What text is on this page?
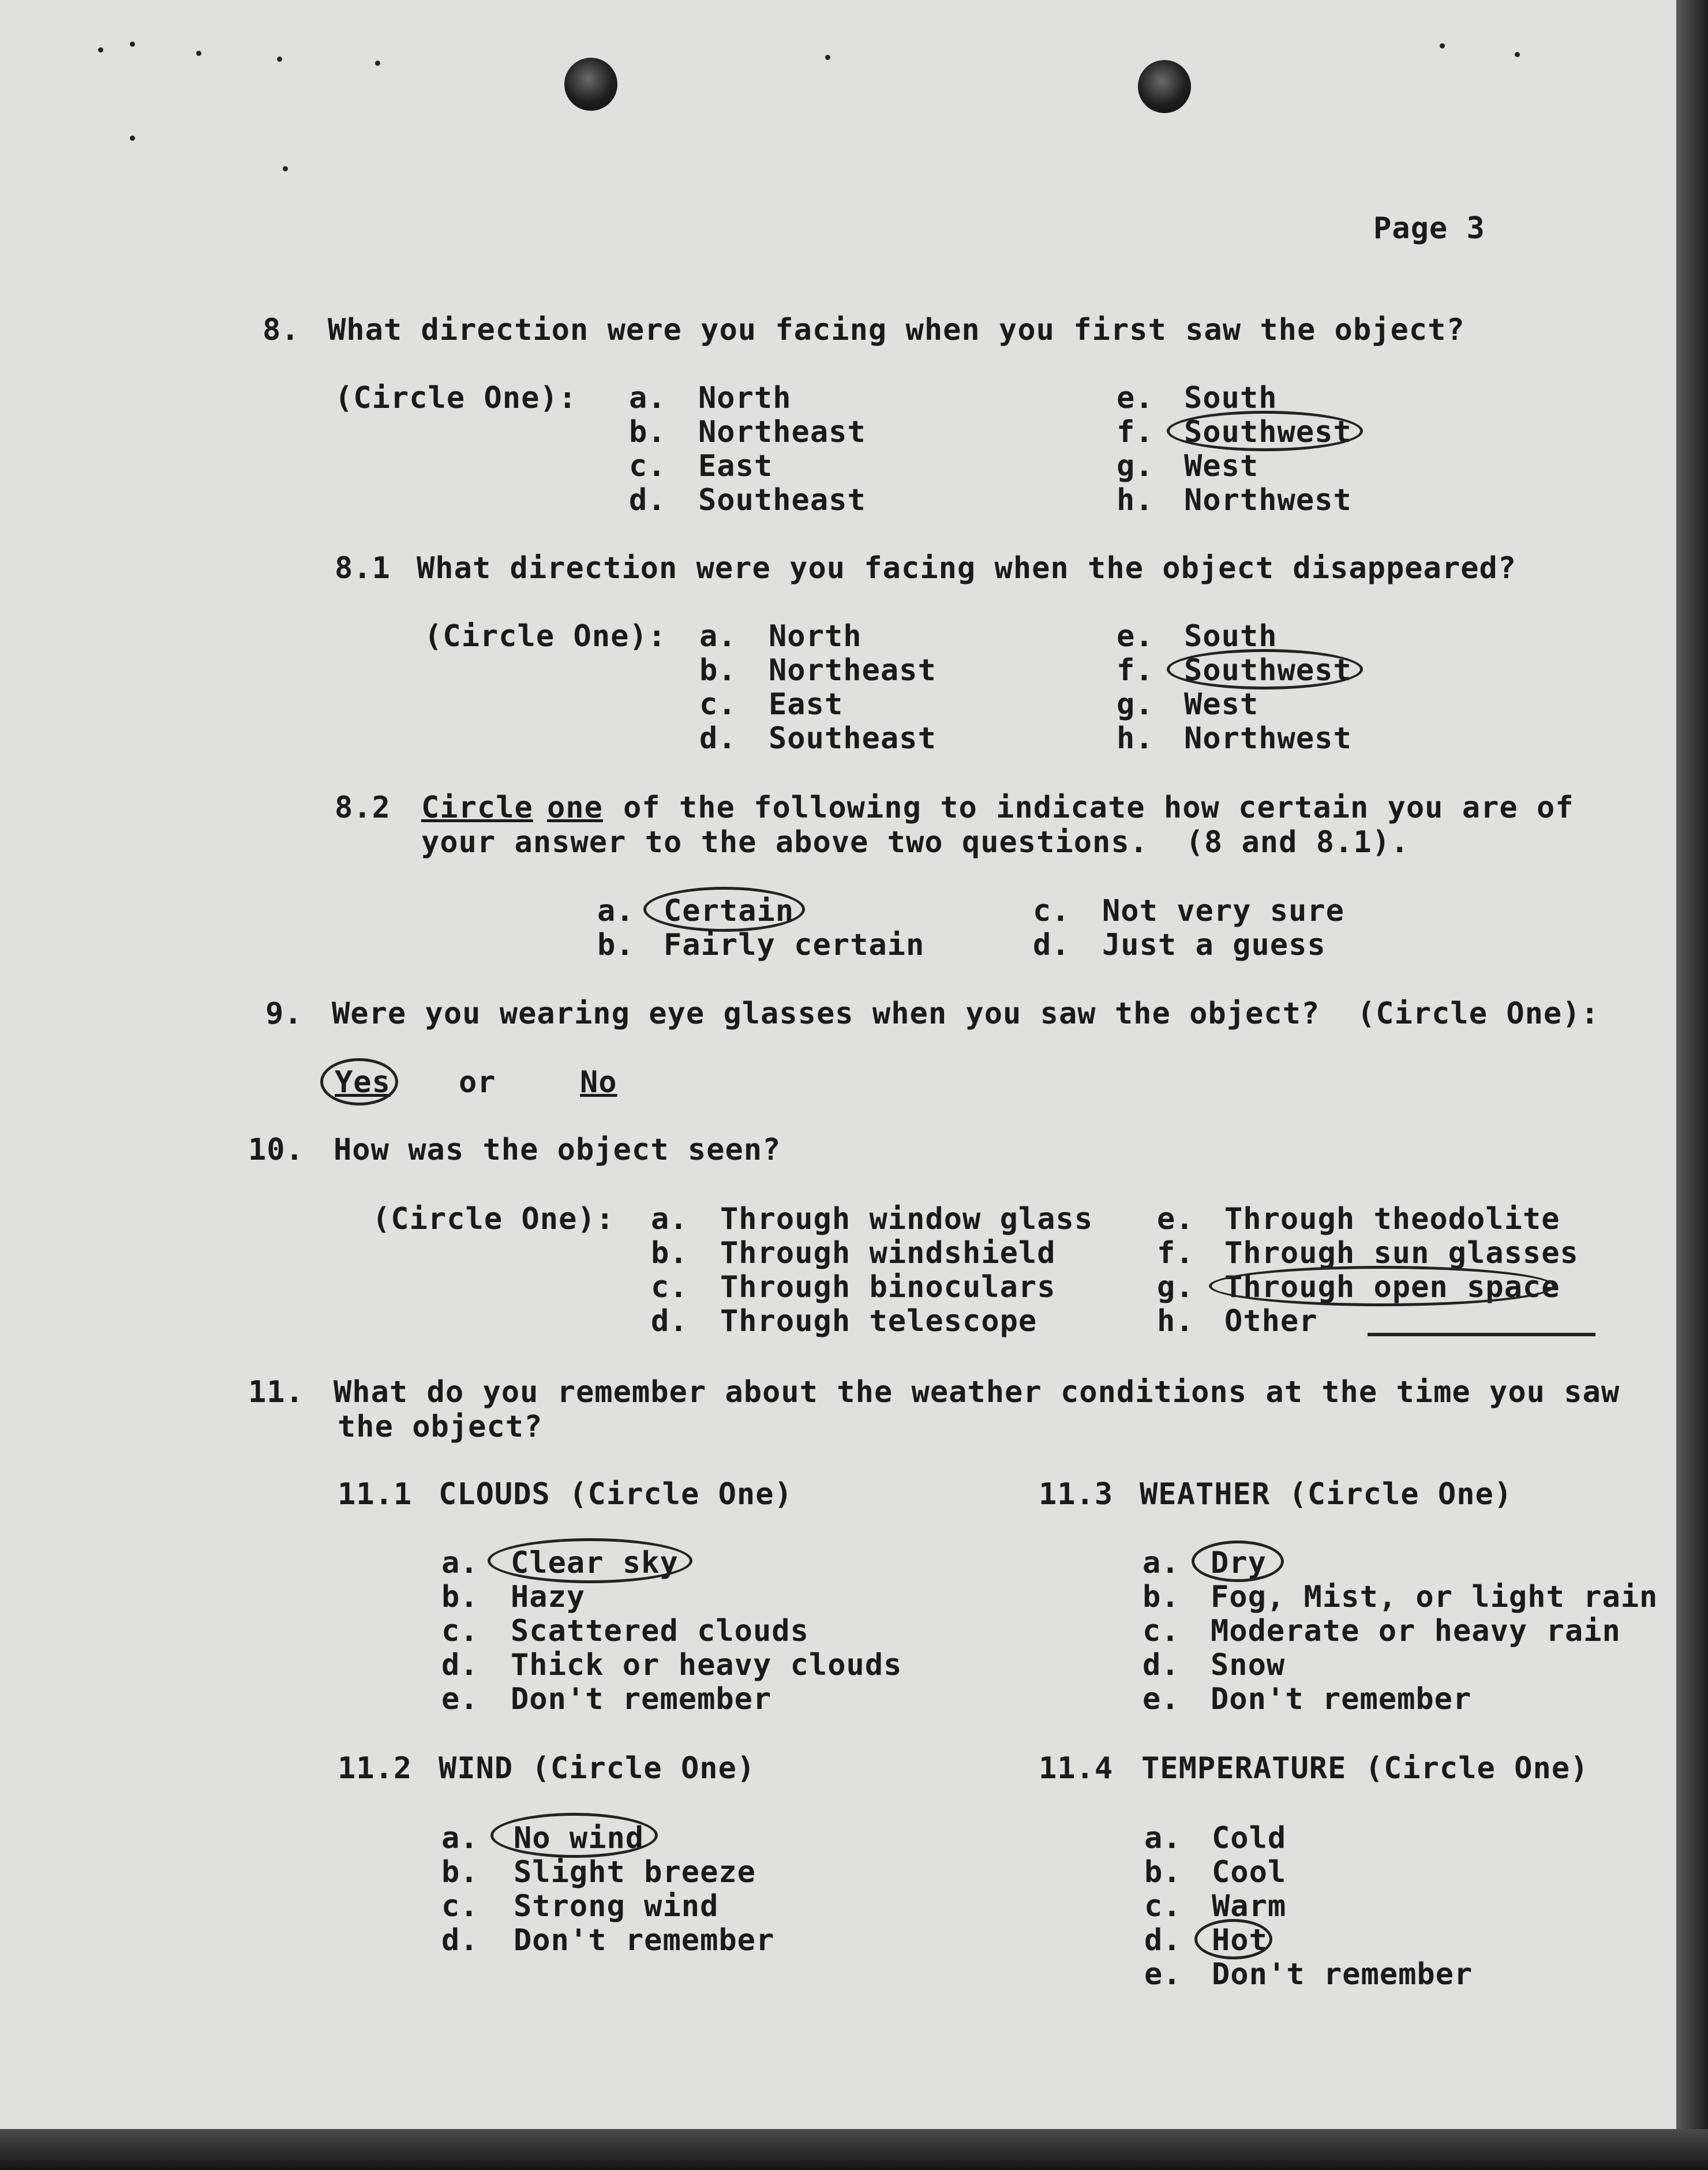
Page 3
8. What direction were you facing when you first saw the object?
(Circle One): a. North
b. Northeast
c. East
d. Southeast
e. South
f. Southwest
g. West
h. Northwest
8.1 What direction were you facing when the object disappeared?
(Circle One): a. North
b. Northeast
c. East
d. Southeast
e. South
f. Southwest
g. West
h. Northwest
8.2 Circle one of the following to indicate how certain you are of
your answer to the above two questions.  (8 and 8.1).
a. Certain
b. Fairly certain
c. Not very sure
d. Just a guess
9. Were you wearing eye glasses when you saw the object?  (Circle One):
Yes or	No
10. How was the object seen?
(Circle One): a. Through window glass
b. Through windshield
c. Through binoculars
d. Through telescope
e. Through theodolite
f. Through sun glasses
g. Through open space
h. Other
11. What do you remember about the weather conditions at the time you saw
the object?
11.1 CLOUDS (Circle One)
a. Clear sky
b. Hazy
c. Scattered clouds
d. Thick or heavy clouds
e. Don't remember
11.2 WIND (Circle One)
a. No wind
b. Slight breeze
c. Strong wind
d. Don't remember
11.3 WEATHER (Circle One)
a. Dry
b. Fog, Mist, or light rain
c. Moderate or heavy rain
d. Snow
e. Don't remember
11.4 TEMPERATURE (Circle One)
a. Cold
b. Cool
c. Warm
d. Hot
e. Don't remember
